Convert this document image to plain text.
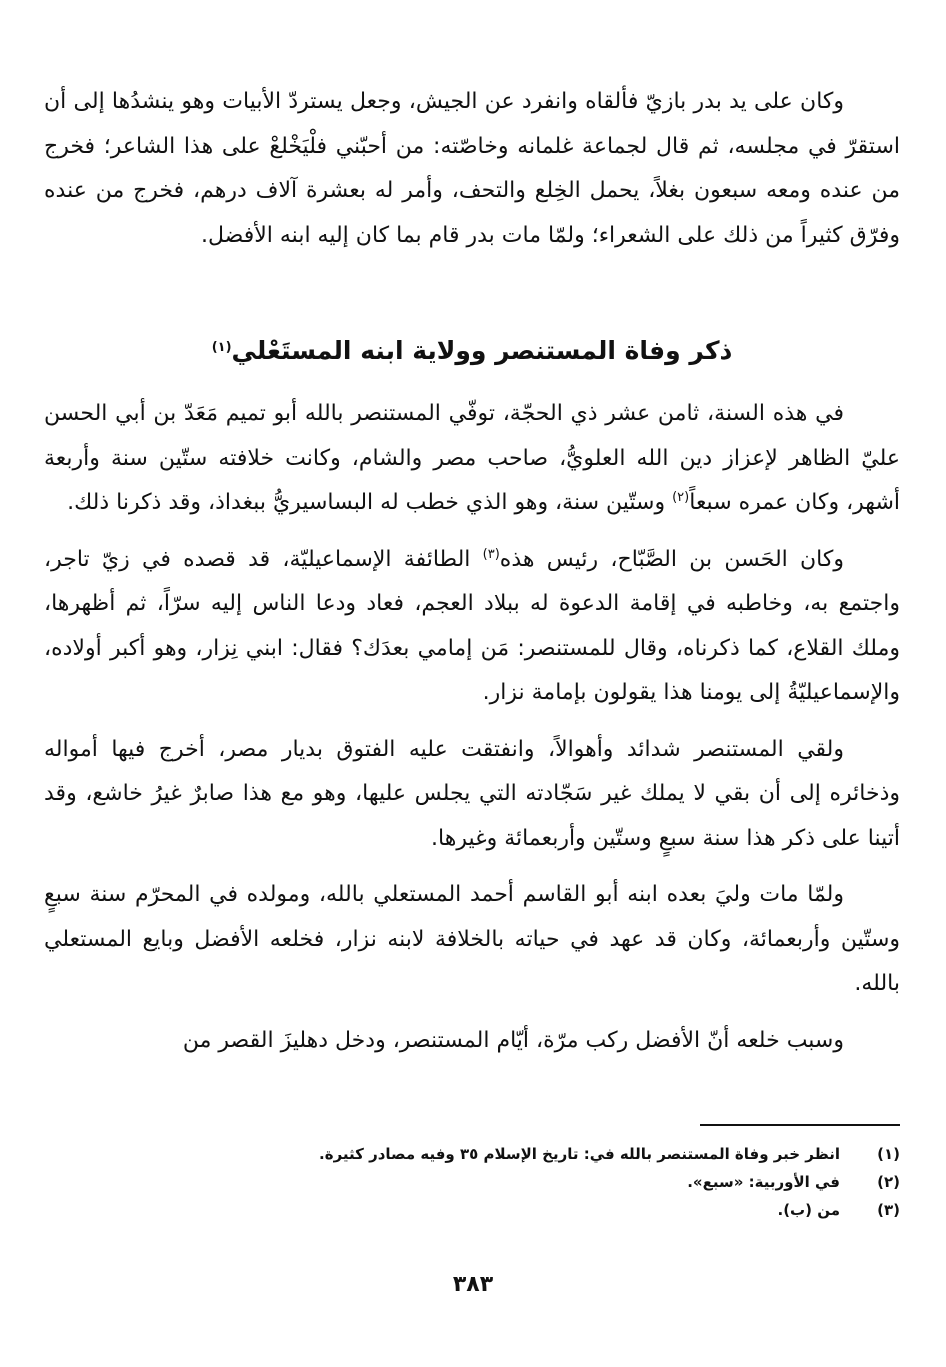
وكان على يد بدر بازيّ فألقاه وانفرد عن الجيش، وجعل يستردّ الأبيات وهو ينشدُها إلى أن استقرّ في مجلسه، ثم قال لجماعة غلمانه وخاصّته: من أحبّني فلْيَخْلعْ على هذا الشاعر؛ فخرج من عنده ومعه سبعون بغلاً، يحمل الخِلع والتحف، وأمر له بعشرة آلاف درهم، فخرج من عنده وفرّق كثيراً من ذلك على الشعراء؛ ولمّا مات بدر قام بما كان إليه ابنه الأفضل.

ذكر وفاة المستنصر وولاية ابنه المستَعْلي$^{(١)}$

في هذه السنة، ثامن عشر ذي الحجّة، توفّي المستنصر بالله أبو تميم مَعَدّ بن أبي الحسن عليّ الظاهر لإعزاز دين الله العلويُّ، صاحب مصر والشام، وكانت خلافته ستّين سنة وأربعة أشهر، وكان عمره سبعاً$^{(٢)}$ وستّين سنة، وهو الذي خطب له البساسيريُّ ببغداذ، وقد ذكرنا ذلك.

وكان الحَسن بن الصَّبّاح، رئيس هذه$^{(٣)}$ الطائفة الإسماعيليّة، قد قصده في زيّ تاجر، واجتمع به، وخاطبه في إقامة الدعوة له ببلاد العجم، فعاد ودعا الناس إليه سرّاً، ثم أظهرها، وملك القلاع، كما ذكرناه، وقال للمستنصر: مَن إمامي بعدَك؟ فقال: ابني نِزار، وهو أكبر أولاده، والإسماعيليّةُ إلى يومنا هذا يقولون بإمامة نزار.

ولقي المستنصر شدائد وأهوالاً، وانفتقت عليه الفتوق بديار مصر، أخرج فيها أمواله وذخائره إلى أن بقي لا يملك غير سَجّادته التي يجلس عليها، وهو مع هذا صابرٌ غيرُ خاشع، وقد أتينا على ذكر هذا سنة سبعٍ وستّين وأربعمائة وغيرها.

ولمّا مات وليَ بعده ابنه أبو القاسم أحمد المستعلي بالله، ومولده في المحرّم سنة سبعٍ وستّين وأربعمائة، وكان قد عهد في حياته بالخلافة لابنه نزار، فخلعه الأفضل وبايع المستعلي بالله.

وسبب خلعه أنّ الأفضل ركب مرّة، أيّام المستنصر، ودخل دهليزَ القصر من

(١)
انظر خبر وفاة المستنصر بالله في: تاريخ الإسلام ٣٥ وفيه مصادر كثيرة.
(٢)
في الأوربية: «سبع».
(٣)
من (ب).
٣٨٣
